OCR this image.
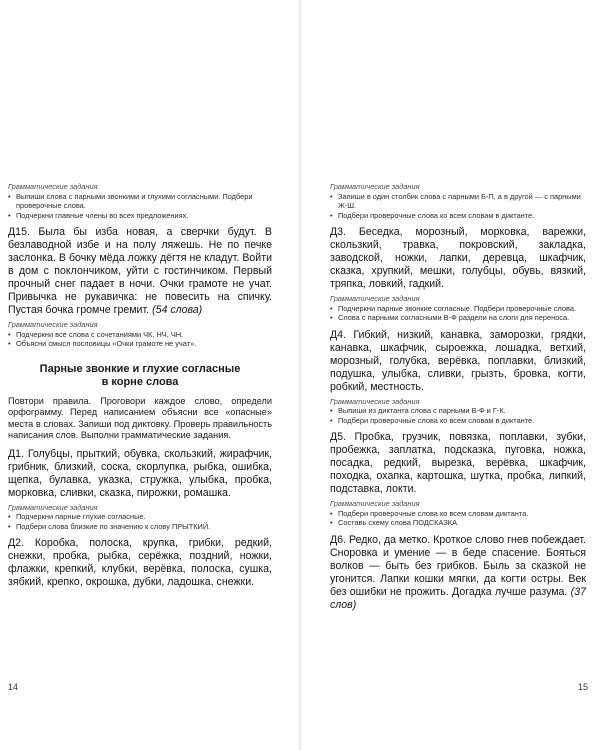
Грамматические задания
• Выпиши слова с парными звонкими и глухими согласными. Подбери проверочные слова.
• Подчеркни главные члены во всех предложениях.

Д15. Была бы изба новая, а сверчки будут. В безлаводной избе и на полу ляжешь. Не по печке заслонка. В бочку мёда ложку дёгтя не кладут. Войти в дом с поклончиком, уйти с гостинчиком. Первый прочный снег падает в ночи. Очки грамоте не учат. Привычка не рукавичка: не повесить на спичку. Пустая бочка громче гремит. (54 слова)

Грамматические задания
• Подчеркни все слова с сочетаниями ЧК, НЧ, ЧН.
• Объясни смысл пословицы «Очки грамоте не учат».
Парные звонкие и глухие согласные
в корне слова

Повтори правила. Проговори каждое слово, определи орфограмму. Перед написанием объясни все «опасные» места в словах. Запиши под диктовку. Проверь правильность написания слов. Выполни грамматические задания.

Д1. Голубцы, прыткий, обувка, скользкий, жирафчик, грибник, близкий, соска, скорлупка, рыбка, ошибка, щепка, булавка, указка, стружка, улыбка, пробка, морковка, сливки, сказка, пирожки, ромашка.

Грамматические задания
• Подчеркни парные глухие согласные.
• Подбери слова близкие по значению к слову ПРЫТКИЙ.

Д2. Коробка, полоска, крупка, грибки, редкий, снежки, пробка, рыбка, серёжка, поздний, ножки, флажки, крепкий, клубки, верёвка, полоска, сушка, зябкий, крепко, окрошка, дубки, ладошка, снежки.

14
Грамматические задания
• Запиши в один столбик слова с парными Б-П, а в другой — с парными Ж-Ш.
• Подбери проверочные слова ко всем словам в диктанте.

Д3. Беседка, морозный, морковка, варежки, скользкий, травка, покровский, закладка, заводской, ножки, лапки, деревца, шкафчик, сказка, хрупкий, мешки, голубцы, обувь, вязкий, тряпка, ловкий, гадкий.

Грамматические задания
• Подчеркни парные звонкие согласные. Подбери проверочные слова.
• Слова с парными согласными В-Ф раздели на слоги для переноса.

Д4. Гибкий, низкий, канавка, заморозки, грядки, канавка, шкафчик, сыроежка, лошадка, ветхий, морозный, голубка, верёвка, поплавки, близкий, подушка, улыбка, сливки, грызть, бровка, когти, робкий, местность.

Грамматические задания
• Выпиши из диктанта слова с парными В-Ф и Г-К.
• Подбери проверочные слова ко всем словам в диктанте.

Д5. Пробка, грузчик, повязка, поплавки, зубки, пробежка, заплатка, подсказка, пуговка, ножка, посадка, редкий, вырезка, верёвка, шкафчик, походка, охапка, картошка, шутка, пробка, липкий, подставка, локти.

Грамматические задания
• Подбери проверочные слова ко всем словам диктанта.
• Составь схему слова ПОДСКАЗКА.

Д6. Редко, да метко. Кроткое слово гнев побеждает. Сноровка и умение — в беде спасение. Бояться волков — быть без грибков. Быль за сказкой не угонится. Лапки кошки мягки, да когти остры. Век без ошибки не прожить. Догадка лучше разума. (37 слов)

15
